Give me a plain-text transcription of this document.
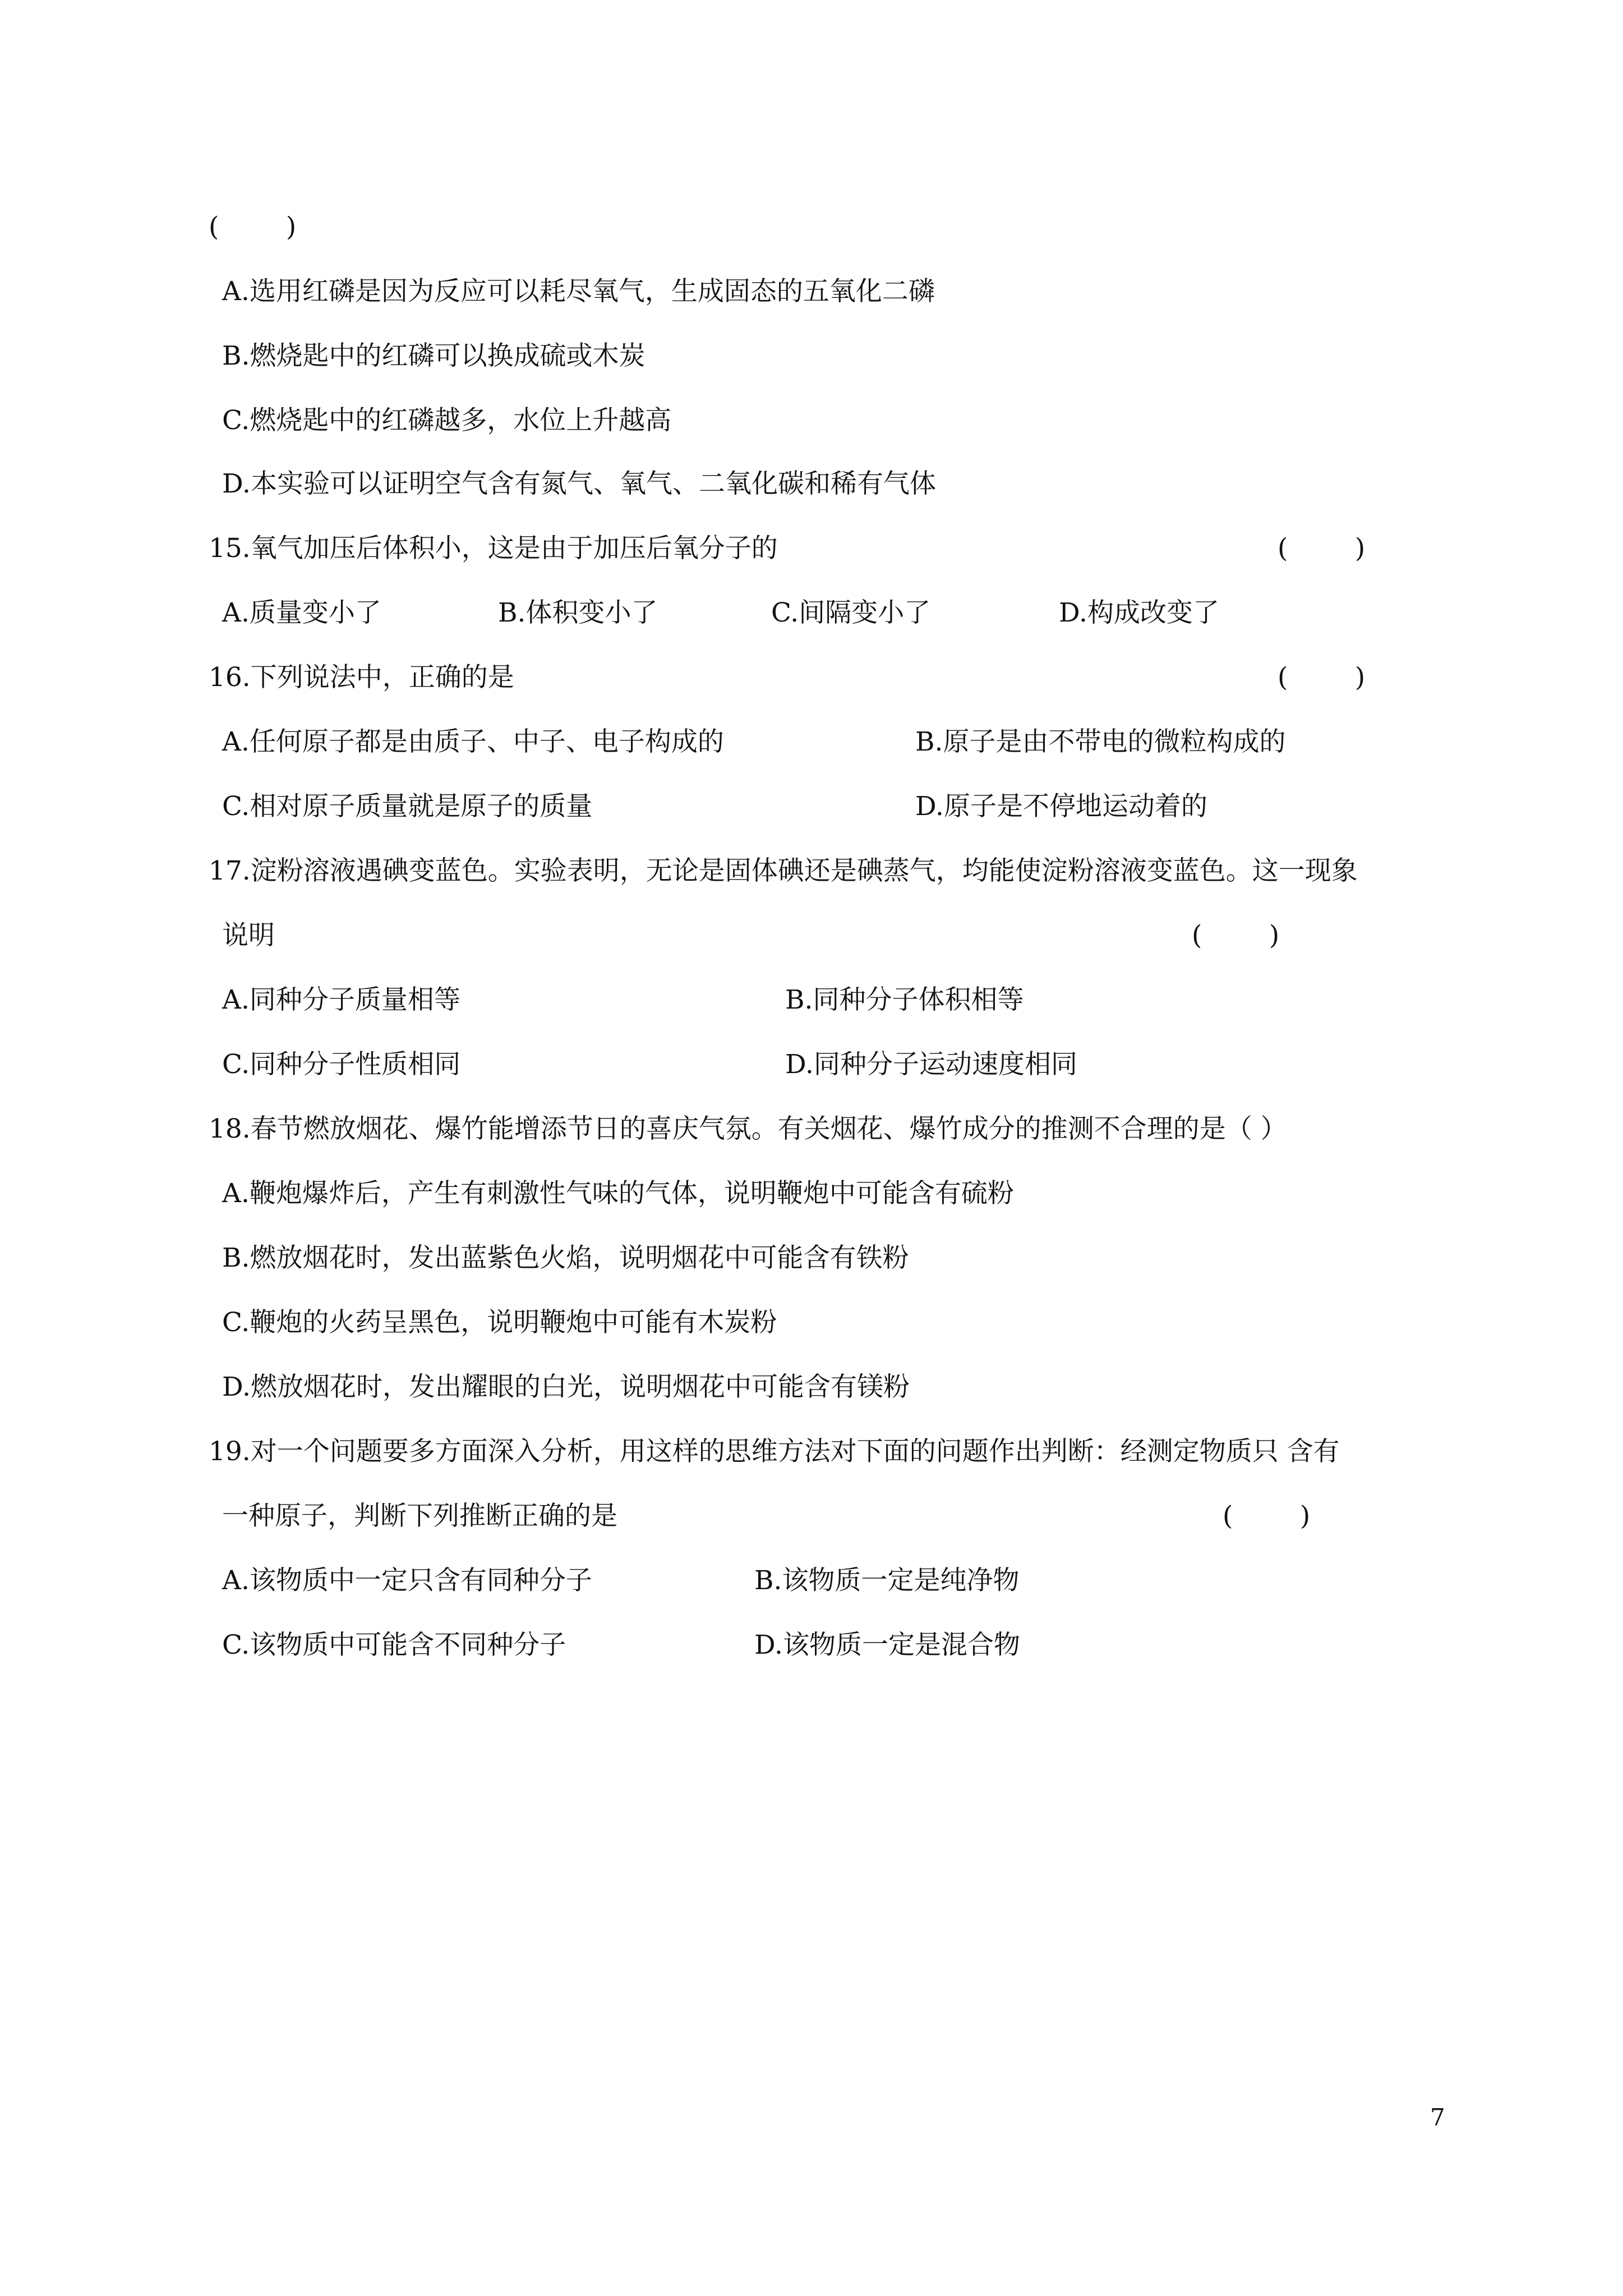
(        )
A.选用红磷是因为反应可以耗尽氧气，生成固态的五氧化二磷
B.燃烧匙中的红磷可以换成硫或木炭
C.燃烧匙中的红磷越多，水位上升越高
D.本实验可以证明空气含有氮气、氧气、二氧化碳和稀有气体
15.氧气加压后体积小，这是由于加压后氧分子的	(        )
A.质量变小了	B.体积变小了	C.间隔变小了	D.构成改变了
16.下列说法中，正确的是	(        )
A.任何原子都是由质子、中子、电子构成的	B.原子是由不带电的微粒构成的
C.相对原子质量就是原子的质量	D.原子是不停地运动着的
17.淀粉溶液遇碘变蓝色。实验表明，无论是固体碘还是碘蒸气，均能使淀粉溶液变蓝色。这一现象
说明	(        )
A.同种分子质量相等	B.同种分子体积相等
C.同种分子性质相同	D.同种分子运动速度相同
18.春节燃放烟花、爆竹能增添节日的喜庆气氛。有关烟花、爆竹成分的推测不合理的是（ ）
A.鞭炮爆炸后，产生有刺激性气味的气体，说明鞭炮中可能含有硫粉
B.燃放烟花时，发出蓝紫色火焰，说明烟花中可能含有铁粉
C.鞭炮的火药呈黑色，说明鞭炮中可能有木炭粉
D.燃放烟花时，发出耀眼的白光，说明烟花中可能含有镁粉
19.对一个问题要多方面深入分析，用这样的思维方法对下面的问题作出判断：经测定物质只 含有
一种原子，判断下列推断正确的是	(        )
A.该物质中一定只含有同种分子	B.该物质一定是纯净物
C.该物质中可能含不同种分子	D.该物质一定是混合物
7
